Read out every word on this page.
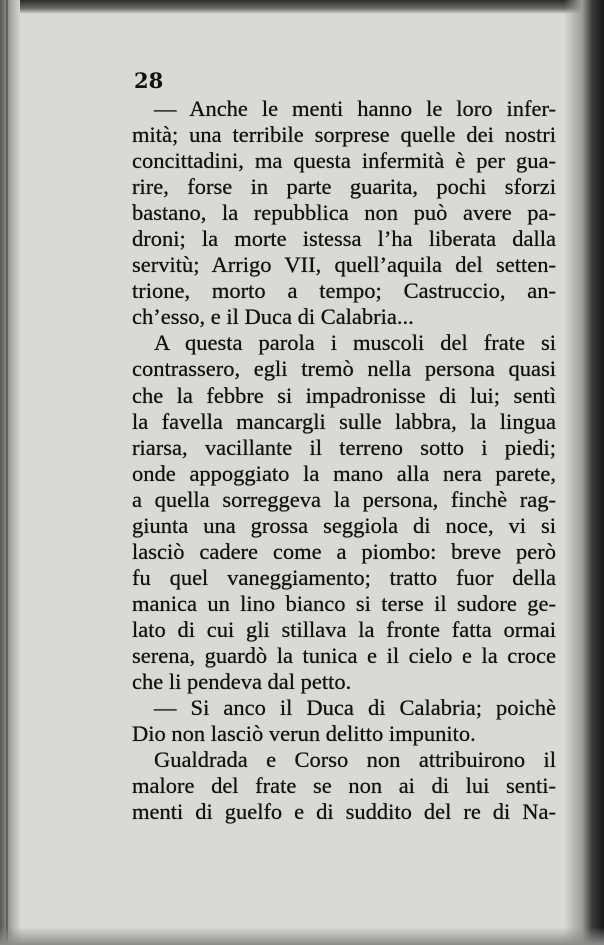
28
— Anche le menti hanno le loro infer-
mità; una terribile sorprese quelle dei nostri
concittadini, ma questa infermità è per gua-
rire, forse in parte guarita, pochi sforzi
bastano, la repubblica non può avere pa-
droni; la morte istessa l’ha liberata dalla
servitù; Arrigo VII, quell’aquila del setten-
trione, morto a tempo; Castruccio, an-
ch’esso, e il Duca di Calabria...
A questa parola i muscoli del frate si
contrassero, egli tremò nella persona quasi
che la febbre si impadronisse di lui; sentì
la favella mancargli sulle labbra, la lingua
riarsa, vacillante il terreno sotto i piedi;
onde appoggiato la mano alla nera parete,
a quella sorreggeva la persona, finchè rag-
giunta una grossa seggiola di noce, vi si
lasciò cadere come a piombo: breve però
fu quel vaneggiamento; tratto fuor della
manica un lino bianco si terse il sudore ge-
lato di cui gli stillava la fronte fatta ormai
serena, guardò la tunica e il cielo e la croce
che li pendeva dal petto.
— Si anco il Duca di Calabria; poichè
Dio non lasciò verun delitto impunito.
Gualdrada e Corso non attribuirono il
malore del frate se non ai di lui senti-
menti di guelfo e di suddito del re di Na-
